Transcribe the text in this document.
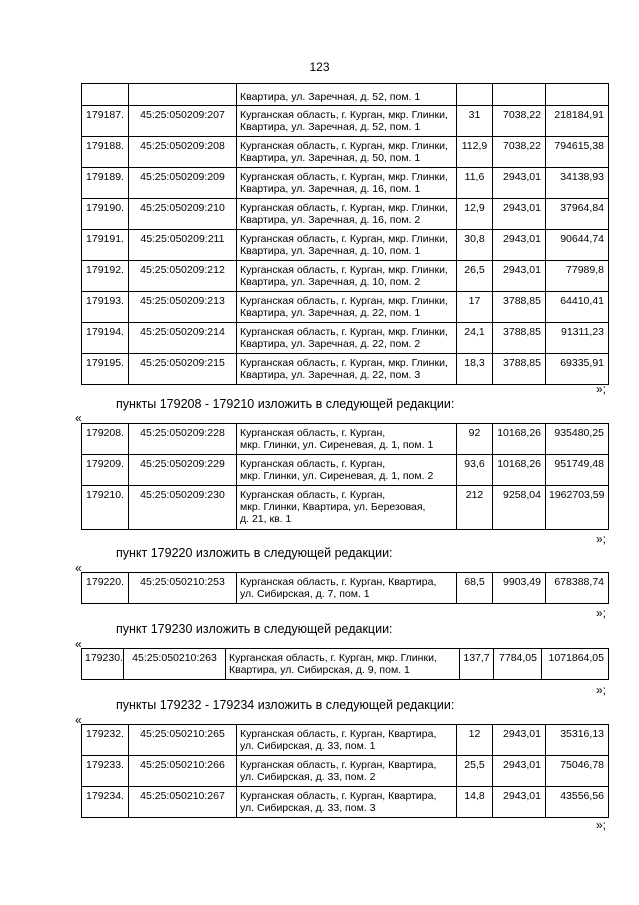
123
		Квартира, ул. Заречная, д. 52, пом. 1			
179187.	45:25:050209:207	Курганская область, г. Курган, мкр. Глинки,
Квартира, ул. Заречная, д. 52, пом. 1	31	7038,22	218184,91
179188.	45:25:050209:208	Курганская область, г. Курган, мкр. Глинки,
Квартира, ул. Заречная, д. 50, пом. 1	112,9	7038,22	794615,38
179189.	45:25:050209:209	Курганская область, г. Курган, мкр. Глинки,
Квартира, ул. Заречная, д. 16, пом. 1	11,6	2943,01	34138,93
179190.	45:25:050209:210	Курганская область, г. Курган, мкр. Глинки,
Квартира, ул. Заречная, д. 16, пом. 2	12,9	2943,01	37964,84
179191.	45:25:050209:211	Курганская область, г. Курган, мкр. Глинки,
Квартира, ул. Заречная, д. 10, пом. 1	30,8	2943,01	90644,74
179192.	45:25:050209:212	Курганская область, г. Курган, мкр. Глинки,
Квартира, ул. Заречная, д. 10, пом. 2	26,5	2943,01	77989,8
179193.	45:25:050209:213	Курганская область, г. Курган, мкр. Глинки,
Квартира, ул. Заречная, д. 22, пом. 1	17	3788,85	64410,41
179194.	45:25:050209:214	Курганская область, г. Курган, мкр. Глинки,
Квартира, ул. Заречная, д. 22, пом. 2	24,1	3788,85	91311,23
179195.	45:25:050209:215	Курганская область, г. Курган, мкр. Глинки,
Квартира, ул. Заречная, д. 22, пом. 3	18,3	3788,85	69335,91
»;
пункты 179208 - 179210 изложить в следующей редакции:
«
179208.	45:25:050209:228	Курганская область, г. Курган,
мкр. Глинки, ул. Сиреневая, д. 1, пом. 1	92	10168,26	935480,25
179209.	45:25:050209:229	Курганская область, г. Курган,
мкр. Глинки, ул. Сиреневая, д. 1, пом. 2	93,6	10168,26	951749,48
179210.	45:25:050209:230	Курганская область, г. Курган,
мкр. Глинки, Квартира, ул. Березовая,
д. 21, кв. 1	212	9258,04	1962703,59
»;
пункт 179220 изложить в следующей редакции:
«
179220.	45:25:050210:253	Курганская область, г. Курган, Квартира,
ул. Сибирская, д. 7, пом. 1
	68,5	9903,49	678388,74
»;
пункт 179230 изложить в следующей редакции:
«
179230.	45:25:050210:263	Курганская область, г. Курган, мкр. Глинки,
Квартира, ул. Сибирская, д. 9, пом. 1
	137,7	7784,05	1071864,05
»;
пункты 179232 - 179234 изложить в следующей редакции:
«
179232.	45:25:050210:265	Курганская область, г. Курган, Квартира,
ул. Сибирская, д. 33, пом. 1	12	2943,01	35316,13
179233.	45:25:050210:266	Курганская область, г. Курган, Квартира,
ул. Сибирская, д. 33, пом. 2	25,5	2943,01	75046,78
179234.	45:25:050210:267	Курганская область, г. Курган, Квартира,
ул. Сибирская, д. 33, пом. 3	14,8	2943,01	43556,56
»;
